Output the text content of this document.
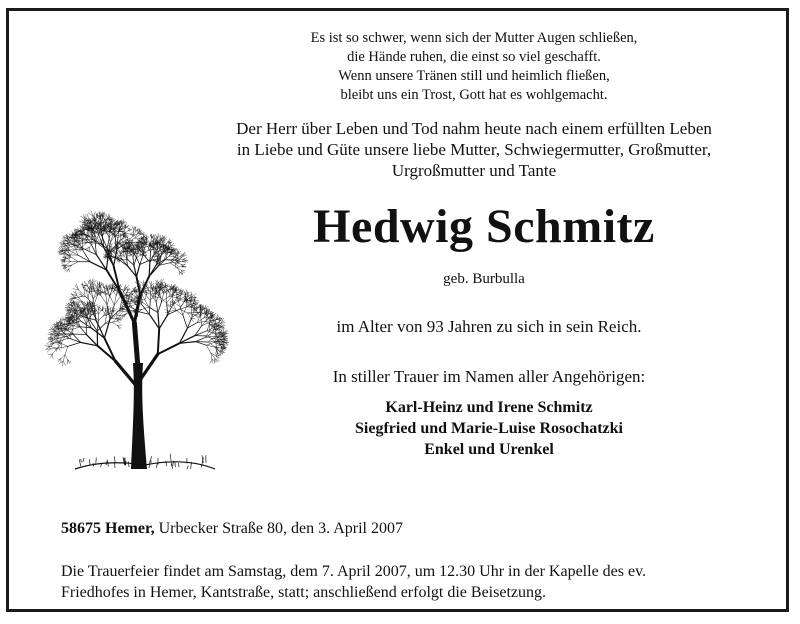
Es ist so schwer, wenn sich der Mutter Augen schließen,
die Hände ruhen, die einst so viel geschafft.
Wenn unsere Tränen still und heimlich fließen,
bleibt uns ein Trost, Gott hat es wohlgemacht.
Der Herr über Leben und Tod nahm heute nach einem erfüllten Leben
in Liebe und Güte unsere liebe Mutter, Schwiegermutter, Großmutter,
Urgroßmutter und Tante
Hedwig Schmitz
geb. Burbulla
im Alter von 93 Jahren zu sich in sein Reich.
In stiller Trauer im Namen aller Angehörigen:
Karl-Heinz und Irene Schmitz
Siegfried und Marie-Luise Rosochatzki
Enkel und Urenkel
58675 Hemer, Urbecker Straße 80, den 3. April 2007
Die Trauerfeier findet am Samstag, dem 7. April 2007, um 12.30 Uhr in der Kapelle des ev.
Friedhofes in Hemer, Kantstraße, statt; anschließend erfolgt die Beisetzung.
